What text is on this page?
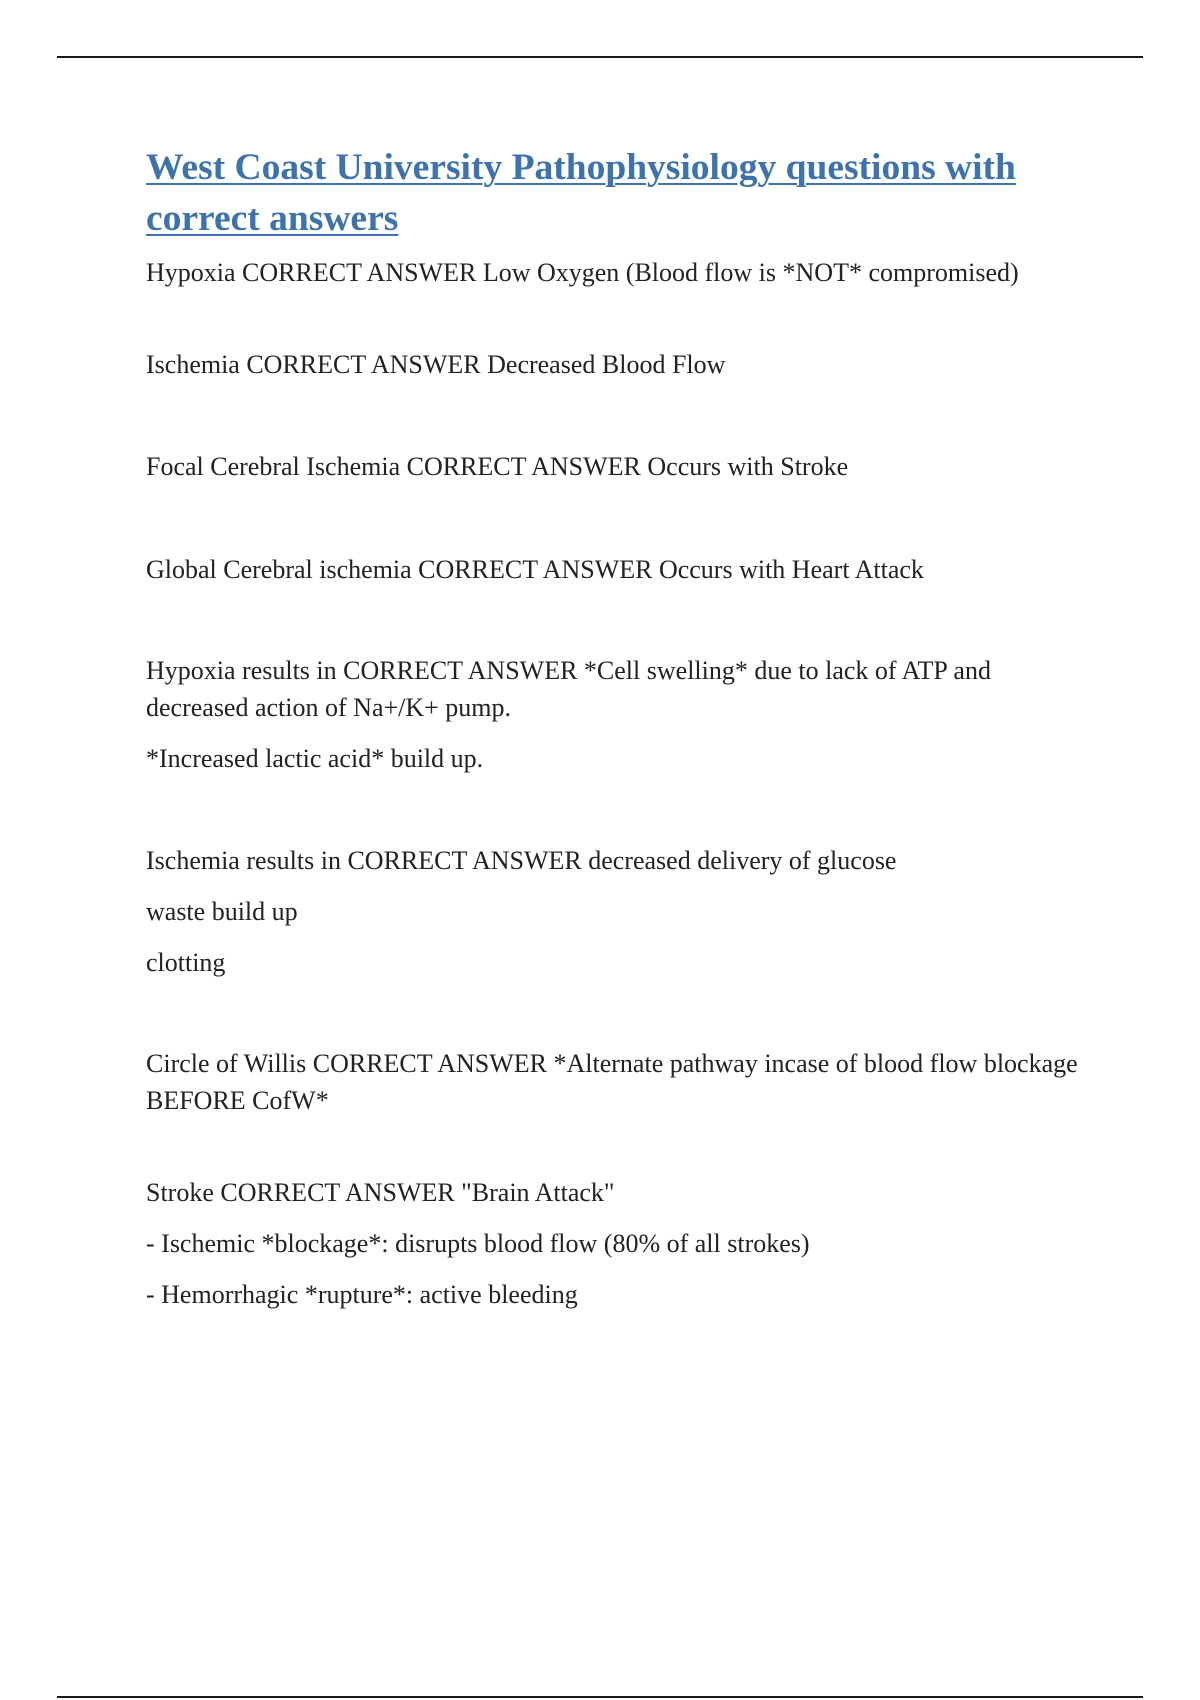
West Coast University Pathophysiology questions with correct answers

Hypoxia CORRECT ANSWER Low Oxygen (Blood flow is *NOT* compromised)

Ischemia CORRECT ANSWER Decreased Blood Flow

Focal Cerebral Ischemia CORRECT ANSWER Occurs with Stroke

Global Cerebral ischemia CORRECT ANSWER Occurs with Heart Attack

Hypoxia results in CORRECT ANSWER *Cell swelling* due to lack of ATP and decreased action of Na+/K+ pump.

*Increased lactic acid* build up.

Ischemia results in CORRECT ANSWER decreased delivery of glucose

waste build up

clotting

Circle of Willis CORRECT ANSWER *Alternate pathway incase of blood flow blockage BEFORE CofW*

Stroke CORRECT ANSWER "Brain Attack"

- Ischemic *blockage*: disrupts blood flow (80% of all strokes)

- Hemorrhagic *rupture*: active bleeding
